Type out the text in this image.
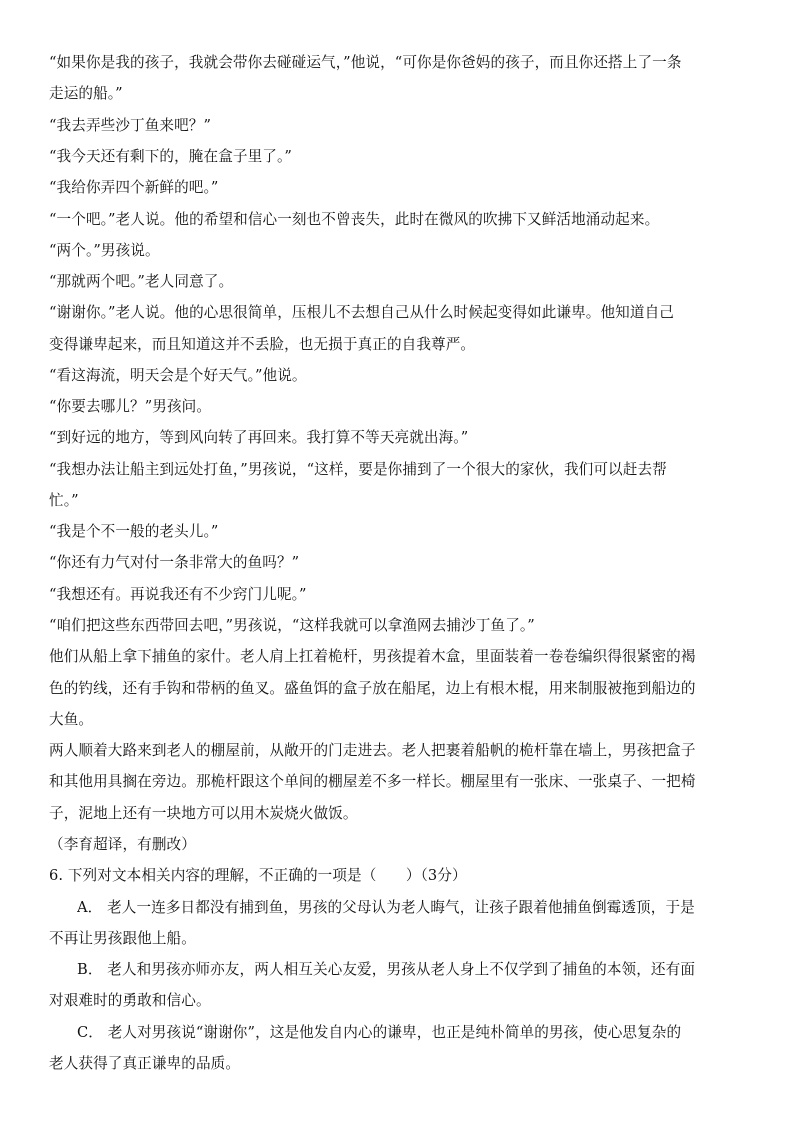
“如果你是我的孩子，我就会带你去碰碰运气，”他说，“可你是你爸妈的孩子，而且你还搭上了一条
走运的船。”
“我去弄些沙丁鱼来吧？”
“我今天还有剩下的，腌在盒子里了。”
“我给你弄四个新鲜的吧。”
“一个吧。”老人说。他的希望和信心一刻也不曾丧失，此时在微风的吹拂下又鲜活地涌动起来。
“两个。”男孩说。
“那就两个吧。”老人同意了。
“谢谢你。”老人说。他的心思很简单，压根儿不去想自己从什么时候起变得如此谦卑。他知道自己
变得谦卑起来，而且知道这并不丢脸，也无损于真正的自我尊严。
“看这海流，明天会是个好天气。”他说。
“你要去哪儿？”男孩问。
“到好远的地方，等到风向转了再回来。我打算不等天亮就出海。”
“我想办法让船主到远处打鱼，”男孩说，“这样，要是你捕到了一个很大的家伙，我们可以赶去帮
忙。”
“我是个不一般的老头儿。”
“你还有力气对付一条非常大的鱼吗？”
“我想还有。再说我还有不少窍门儿呢。”
“咱们把这些东西带回去吧，”男孩说，“这样我就可以拿渔网去捕沙丁鱼了。”
他们从船上拿下捕鱼的家什。老人肩上扛着桅杆，男孩提着木盒，里面装着一卷卷编织得很紧密的褐
色的钓线，还有手钩和带柄的鱼叉。盛鱼饵的盒子放在船尾，边上有根木棍，用来制服被拖到船边的
大鱼。
两人顺着大路来到老人的棚屋前，从敞开的门走进去。老人把裹着船帆的桅杆靠在墙上，男孩把盒子
和其他用具搁在旁边。那桅杆跟这个单间的棚屋差不多一样长。棚屋里有一张床、一张桌子、一把椅
子，泥地上还有一块地方可以用木炭烧火做饭。
（李育超译，有删改）
6. 下列对文本相关内容的理解，不正确的一项是（　　）（3分）
A． 老人一连多日都没有捕到鱼，男孩的父母认为老人晦气，让孩子跟着他捕鱼倒霉透顶，于是
不再让男孩跟他上船。
B． 老人和男孩亦师亦友，两人相互关心友爱，男孩从老人身上不仅学到了捕鱼的本领，还有面
对艰难时的勇敢和信心。
C． 老人对男孩说“谢谢你”，这是他发自内心的谦卑，也正是纯朴简单的男孩，使心思复杂的
老人获得了真正谦卑的品质。
